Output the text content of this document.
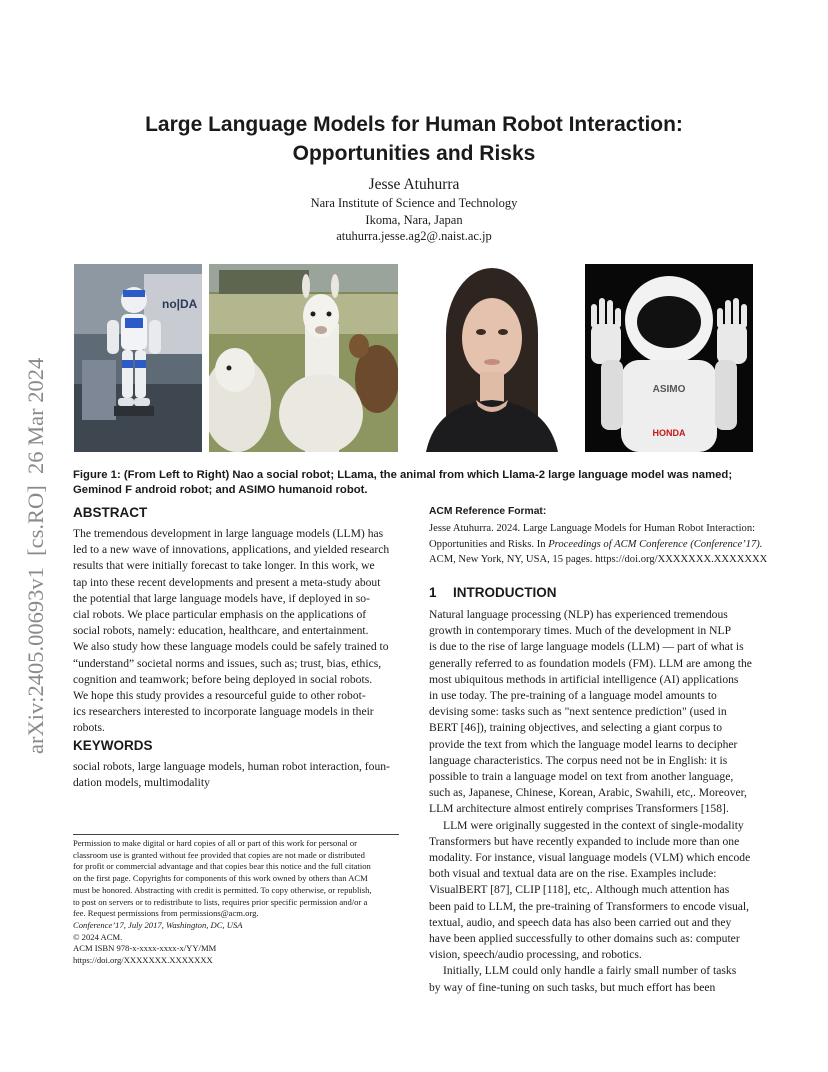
arXiv:2405.00693v1  [cs.RO]  26 Mar 2024
Large Language Models for Human Robot Interaction:
Opportunities and Risks
Jesse Atuhurra
Nara Institute of Science and Technology
Ikoma, Nara, Japan
atuhurra.jesse.ag2@.naist.ac.jp
no|DA
ASIMO
HONDA
Figure 1: (From Left to Right) Nao a social robot; LLama, the animal from which Llama-2 large language model was named;
Geminod F android robot; and ASIMO humanoid robot.
ABSTRACT
The tremendous development in large language models (LLM) has
led to a new wave of innovations, applications, and yielded research
results that were initially forecast to take longer. In this work, we
tap into these recent developments and present a meta-study about
the potential that large language models have, if deployed in so-
cial robots. We place particular emphasis on the applications of
social robots, namely: education, healthcare, and entertainment.
We also study how these language models could be safely trained to
“understand” societal norms and issues, such as; trust, bias, ethics,
cognition and teamwork; before being deployed in social robots.
We hope this study provides a resourceful guide to other robot-
ics researchers interested to incorporate language models in their
robots.
KEYWORDS
social robots, large language models, human robot interaction, foun-
dation models, multimodality
Permission to make digital or hard copies of all or part of this work for personal or
classroom use is granted without fee provided that copies are not made or distributed
for profit or commercial advantage and that copies bear this notice and the full citation
on the first page. Copyrights for components of this work owned by others than ACM
must be honored. Abstracting with credit is permitted. To copy otherwise, or republish,
to post on servers or to redistribute to lists, requires prior specific permission and/or a
fee. Request permissions from permissions@acm.org.
Conference’17, July 2017, Washington, DC, USA
© 2024 ACM.
ACM ISBN 978-x-xxxx-xxxx-x/YY/MM
https://doi.org/XXXXXXX.XXXXXXX
ACM Reference Format:
Jesse Atuhurra. 2024. Large Language Models for Human Robot Interaction:
Opportunities and Risks. In Proceedings of ACM Conference (Conference’17).
ACM, New York, NY, USA, 15 pages. https://doi.org/XXXXXXX.XXXXXXX
1 INTRODUCTION
Natural language processing (NLP) has experienced tremendous
growth in contemporary times. Much of the development in NLP
is due to the rise of large language models (LLM) — part of what is
generally referred to as foundation models (FM). LLM are among the
most ubiquitous methods in artificial intelligence (AI) applications
in use today. The pre-training of a language model amounts to
devising some: tasks such as "next sentence prediction" (used in
BERT [46]), training objectives, and selecting a giant corpus to
provide the text from which the language model learns to decipher
language characteristics. The corpus need not be in English: it is
possible to train a language model on text from another language,
such as, Japanese, Chinese, Korean, Arabic, Swahili, etc,. Moreover,
LLM architecture almost entirely comprises Transformers [158].
LLM were originally suggested in the context of single-modality
Transformers but have recently expanded to include more than one
modality. For instance, visual language models (VLM) which encode
both visual and textual data are on the rise. Examples include:
VisualBERT [87], CLIP [118], etc,. Although much attention has
been paid to LLM, the pre-training of Transformers to encode visual,
textual, audio, and speech data has also been carried out and they
have been applied successfully to other domains such as: computer
vision, speech/audio processing, and robotics.
Initially, LLM could only handle a fairly small number of tasks
by way of fine-tuning on such tasks, but much effort has been
